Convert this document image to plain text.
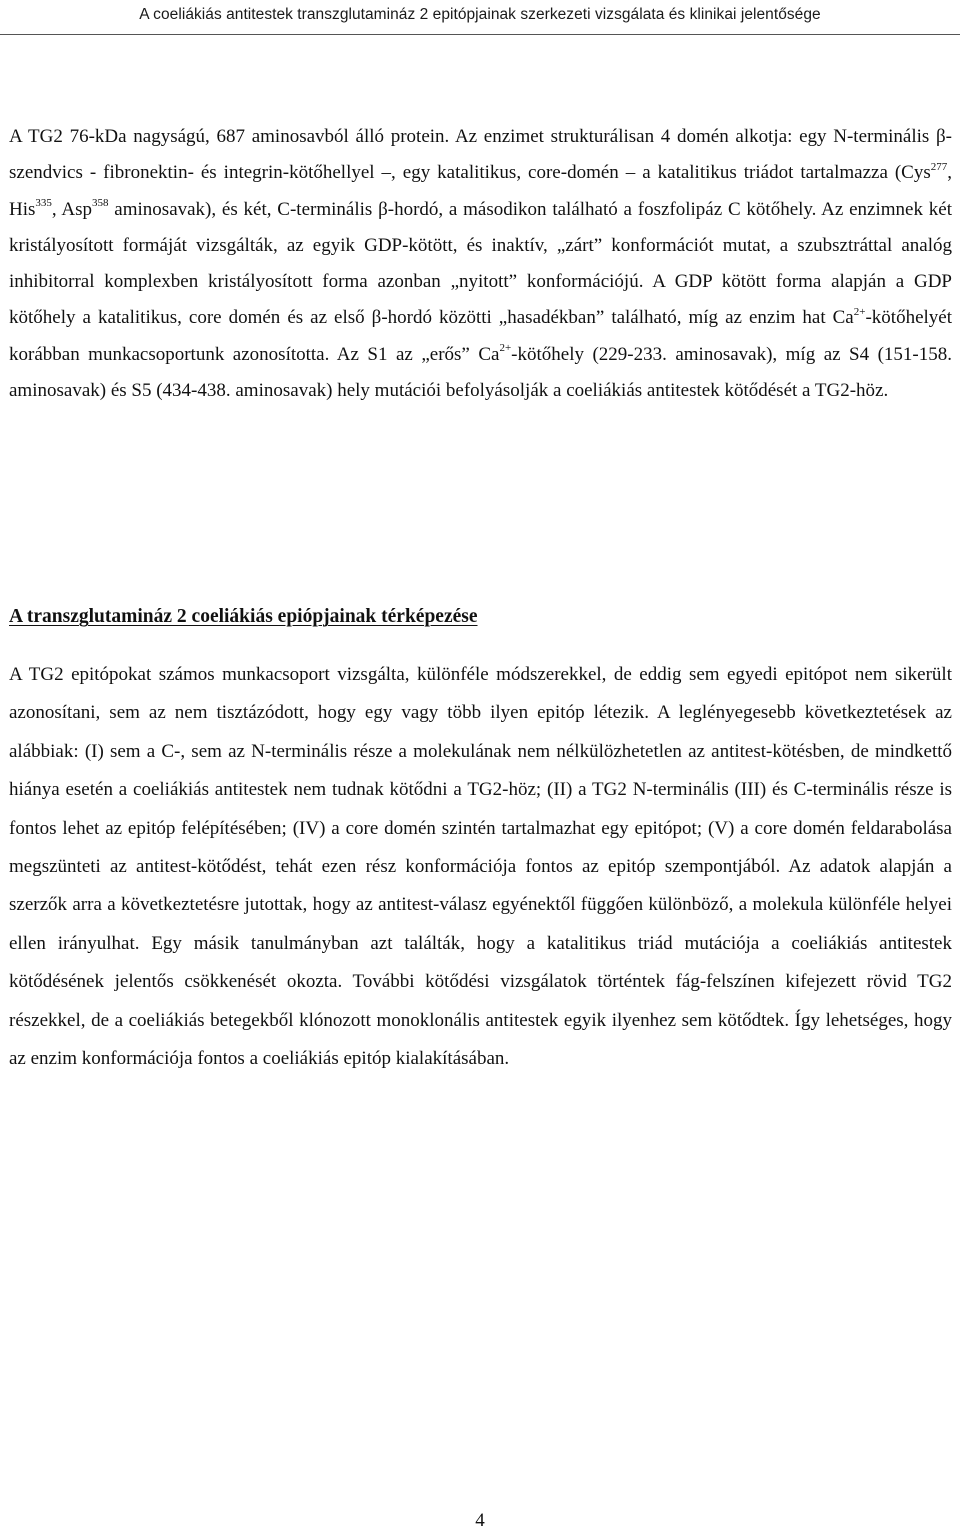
A coeliákiás antitestek transzglutamináz 2 epitópjainak szerkezeti vizsgálata és klinikai jelentősége

A TG2 76-kDa nagyságú, 687 aminosavból álló protein. Az enzimet strukturálisan 4 domén alkotja: egy N-terminális β-szendvics - fibronektin- és integrin-kötőhellyel –, egy katalitikus, core-domén – a katalitikus triádot tartalmazza (Cys$^{277}$, His$^{335}$, Asp$^{358}$ aminosavak), és két, C-terminális β-hordó, a másodikon található a foszfolipáz C kötőhely. Az enzimnek két kristályosított formáját vizsgálták, az egyik GDP-kötött, és inaktív, „zárt” konformációt mutat, a szubsztráttal analóg inhibitorral komplexben kristályosított forma azonban „nyitott” konformációjú. A GDP kötött forma alapján a GDP kötőhely a katalitikus, core domén és az első β-hordó közötti „hasadékban” található, míg az enzim hat $Ca^{2+}$-kötőhelyét korábban munkacsoportunk azonosította. Az S1 az „erős” $Ca^{2+}$-kötőhely (229-233. aminosavak), míg az S4 (151-158. aminosavak) és S5 (434-438. aminosavak) hely mutációi befolyásolják a coeliákiás antitestek kötődését a TG2-höz.

A transzglutamináz 2 coeliákiás epiópjainak térképezése

A TG2 epitópokat számos munkacsoport vizsgálta, különféle módszerekkel, de eddig sem egyedi epitópot nem sikerült azonosítani, sem az nem tisztázódott, hogy egy vagy több ilyen epitóp létezik. A leglényegesebb következtetések az alábbiak: (I) sem a C-, sem az N-terminális része a molekulának nem nélkülözhetetlen az antitest-kötésben, de mindkettő hiánya esetén a coeliákiás antitestek nem tudnak kötődni a TG2-höz; (II) a TG2 N-terminális (III) és C-terminális része is fontos lehet az epitóp felépítésében; (IV) a core domén szintén tartalmazhat egy epitópot; (V) a core domén feldarabolása megszünteti az antitest-kötődést, tehát ezen rész konformációja fontos az epitóp szempontjából. Az adatok alapján a szerzők arra a következtetésre jutottak, hogy az antitest-válasz egyénektől függően különböző, a molekula különféle helyei ellen irányulhat. Egy másik tanulmányban azt találták, hogy a katalitikus triád mutációja a coeliákiás antitestek kötődésének jelentős csökkenését okozta. További kötődési vizsgálatok történtek fág-felszínen kifejezett rövid TG2 részekkel, de a coeliákiás betegekből klónozott monoklonális antitestek egyik ilyenhez sem kötődtek. Így lehetséges, hogy az enzim konformációja fontos a coeliákiás epitóp kialakításában.

4
